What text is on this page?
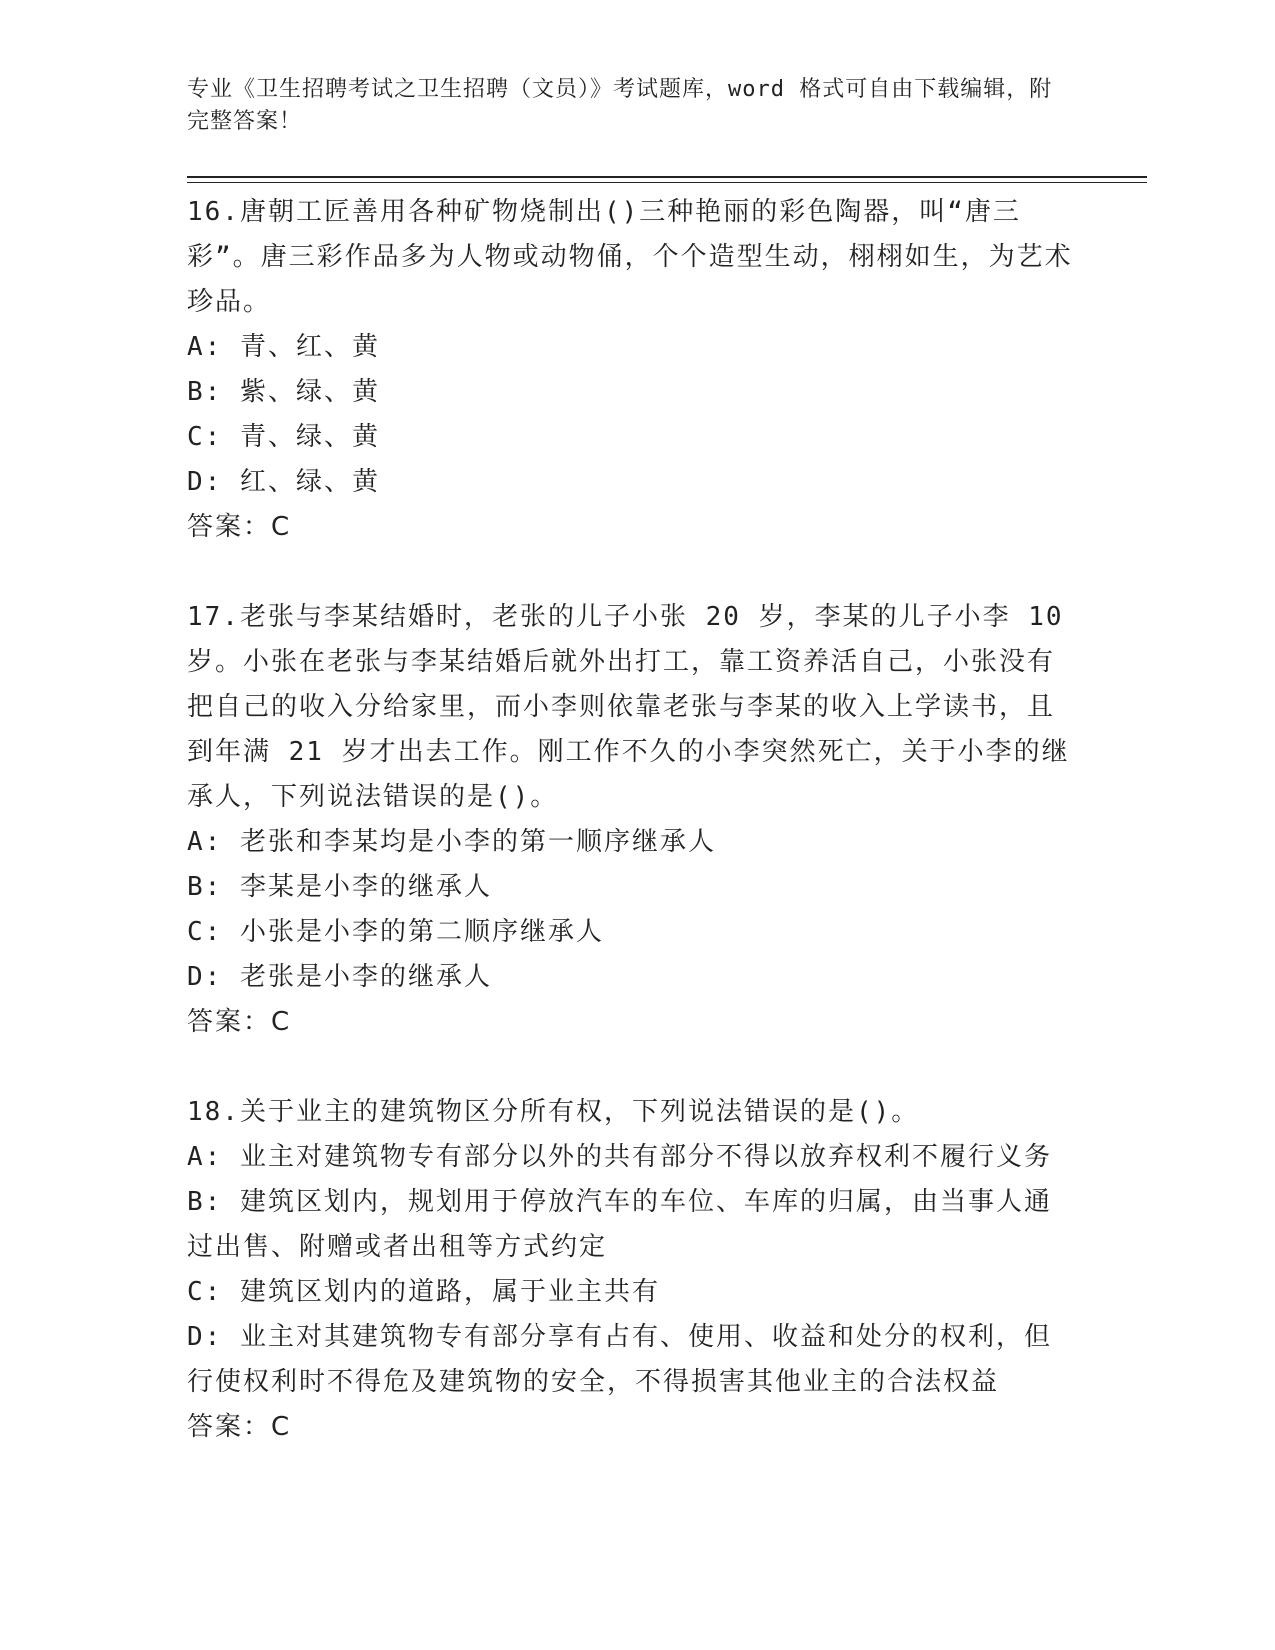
专业《卫生招聘考试之卫生招聘（文员）》考试题库，word 格式可自由下载编辑，附完整答案！

16.唐朝工匠善用各种矿物烧制出()三种艳丽的彩色陶器，叫“唐三彩”。唐三彩作品多为人物或动物俑，个个造型生动，栩栩如生，为艺术珍品。

A: 青、红、黄

B: 紫、绿、黄

C: 青、绿、黄

D: 红、绿、黄

答案：C

17.老张与李某结婚时，老张的儿子小张 20 岁，李某的儿子小李 10 岁。小张在老张与李某结婚后就外出打工，靠工资养活自己，小张没有把自己的收入分给家里，而小李则依靠老张与李某的收入上学读书，且到年满 21 岁才出去工作。刚工作不久的小李突然死亡，关于小李的继承人，下列说法错误的是()。

A: 老张和李某均是小李的第一顺序继承人

B: 李某是小李的继承人

C: 小张是小李的第二顺序继承人

D: 老张是小李的继承人

答案：C

18.关于业主的建筑物区分所有权，下列说法错误的是()。

A: 业主对建筑物专有部分以外的共有部分不得以放弃权利不履行义务

B: 建筑区划内，规划用于停放汽车的车位、车库的归属，由当事人通过出售、附赠或者出租等方式约定

C: 建筑区划内的道路，属于业主共有

D: 业主对其建筑物专有部分享有占有、使用、收益和处分的权利，但行使权利时不得危及建筑物的安全，不得损害其他业主的合法权益

答案：C
